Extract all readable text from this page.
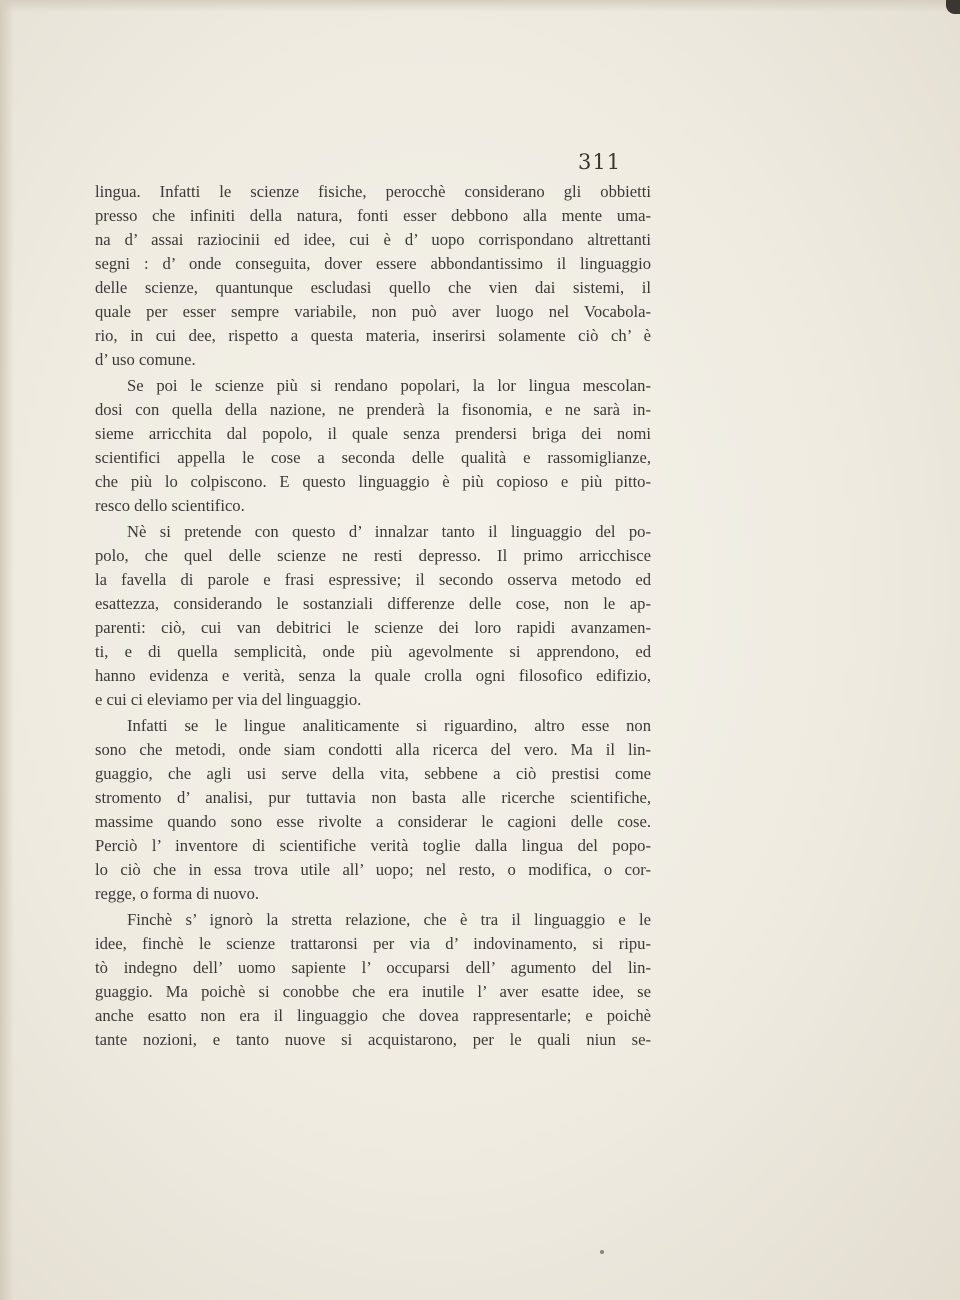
311
lingua. Infatti le scienze fisiche, perocchè considerano gli obbietti
presso che infiniti della natura, fonti esser debbono alla mente uma-
na d’ assai raziocinii ed idee, cui è d’ uopo corrispondano altrettanti
segni : d’ onde conseguita, dover essere abbondantissimo il linguaggio
delle scienze, quantunque escludasi quello che vien dai sistemi, il
quale per esser sempre variabile, non può aver luogo nel Vocabola-
rio, in cui dee, rispetto a questa materia, inserirsi solamente ciò ch’ è
d’ uso comune.
Se poi le scienze più si rendano popolari, la lor lingua mescolan-
dosi con quella della nazione, ne prenderà la fisonomia, e ne sarà in-
sieme arricchita dal popolo, il quale senza prendersi briga dei nomi
scientifici appella le cose a seconda delle qualità e rassomiglianze,
che più lo colpiscono. E questo linguaggio è più copioso e più pitto-
resco dello scientifico.
Nè si pretende con questo d’ innalzar tanto il linguaggio del po-
polo, che quel delle scienze ne resti depresso. Il primo arricchisce
la favella di parole e frasi espressive; il secondo osserva metodo ed
esattezza, considerando le sostanziali differenze delle cose, non le ap-
parenti: ciò, cui van debitrici le scienze dei loro rapidi avanzamen-
ti, e di quella semplicità, onde più agevolmente si apprendono, ed
hanno evidenza e verità, senza la quale crolla ogni filosofico edifizio,
e cui ci eleviamo per via del linguaggio.
Infatti se le lingue analiticamente si riguardino, altro esse non
sono che metodi, onde siam condotti alla ricerca del vero. Ma il lin-
guaggio, che agli usi serve della vita, sebbene a ciò prestisi come
stromento d’ analisi, pur tuttavia non basta alle ricerche scientifiche,
massime quando sono esse rivolte a considerar le cagioni delle cose.
Perciò l’ inventore di scientifiche verità toglie dalla lingua del popo-
lo ciò che in essa trova utile all’ uopo; nel resto, o modifica, o cor-
regge, o forma di nuovo.
Finchè s’ ignorò la stretta relazione, che è tra il linguaggio e le
idee, finchè le scienze trattaronsi per via d’ indovinamento, si ripu-
tò indegno dell’ uomo sapiente l’ occuparsi dell’ agumento del lin-
guaggio. Ma poichè si conobbe che era inutile l’ aver esatte idee, se
anche esatto non era il linguaggio che dovea rappresentarle; e poichè
tante nozioni, e tanto nuove si acquistarono, per le quali niun se-
